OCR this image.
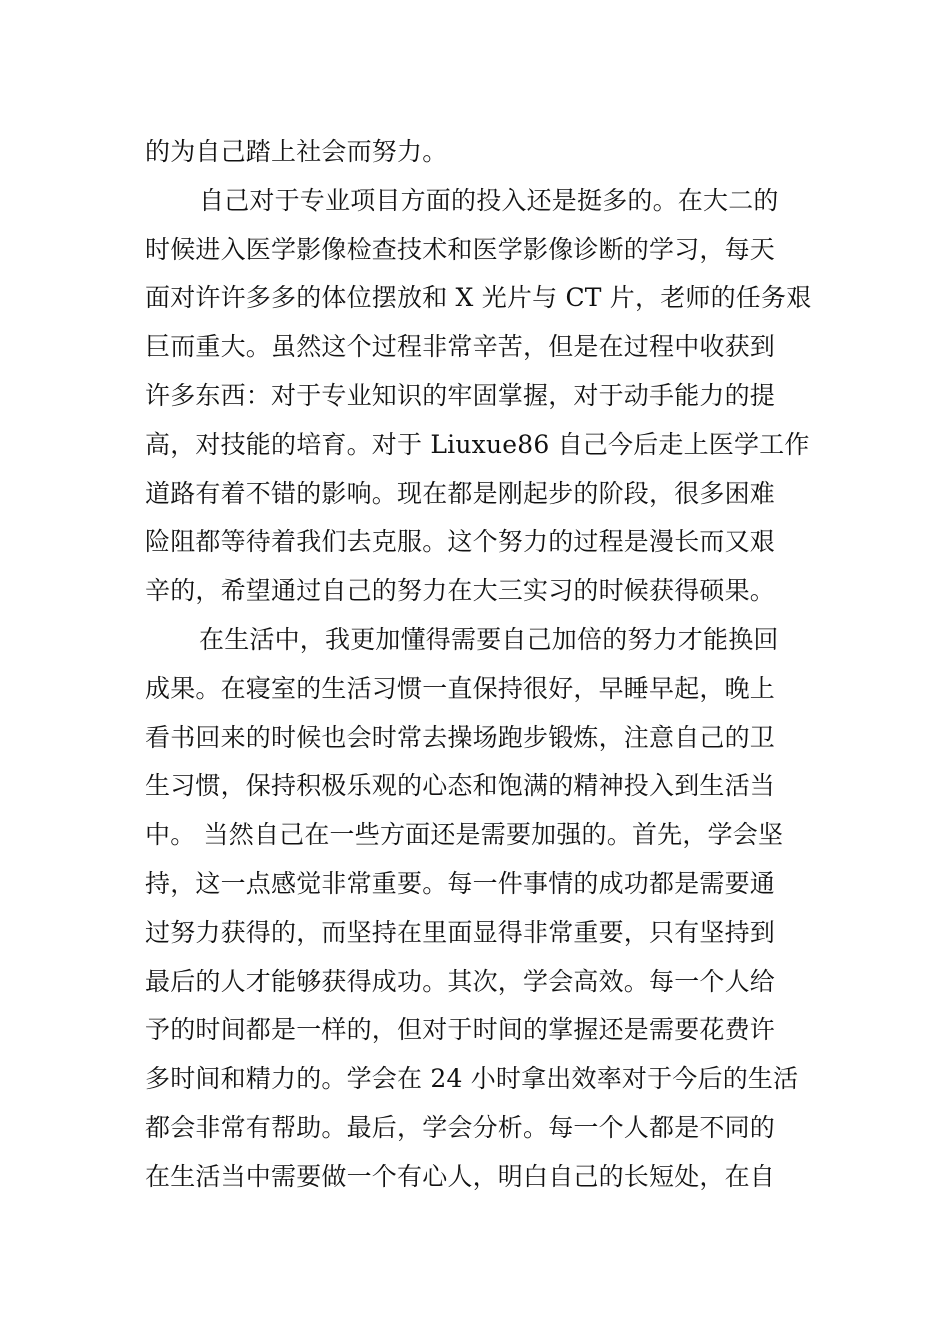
的为自己踏上社会而努力。
自己对于专业项目方面的投入还是挺多的。在大二的
时候进入医学影像检查技术和医学影像诊断的学习，每天
面对许许多多的体位摆放和 X 光片与 CT 片，老师的任务艰
巨而重大。虽然这个过程非常辛苦，但是在过程中收获到
许多东西：对于专业知识的牢固掌握，对于动手能力的提
高，对技能的培育。对于 Liuxue86 自己今后走上医学工作
道路有着不错的影响。现在都是刚起步的阶段，很多困难
险阻都等待着我们去克服。这个努力的过程是漫长而又艰
辛的，希望通过自己的努力在大三实习的时候获得硕果。
在生活中，我更加懂得需要自己加倍的努力才能换回
成果。在寝室的生活习惯一直保持很好，早睡早起，晚上
看书回来的时候也会时常去操场跑步锻炼，注意自己的卫
生习惯，保持积极乐观的心态和饱满的精神投入到生活当
中。 当然自己在一些方面还是需要加强的。首先，学会坚
持，这一点感觉非常重要。每一件事情的成功都是需要通
过努力获得的，而坚持在里面显得非常重要，只有坚持到
最后的人才能够获得成功。其次，学会高效。每一个人给
予的时间都是一样的，但对于时间的掌握还是需要花费许
多时间和精力的。学会在 24 小时拿出效率对于今后的生活
都会非常有帮助。最后，学会分析。每一个人都是不同的
在生活当中需要做一个有心人，明白自己的长短处，在自
